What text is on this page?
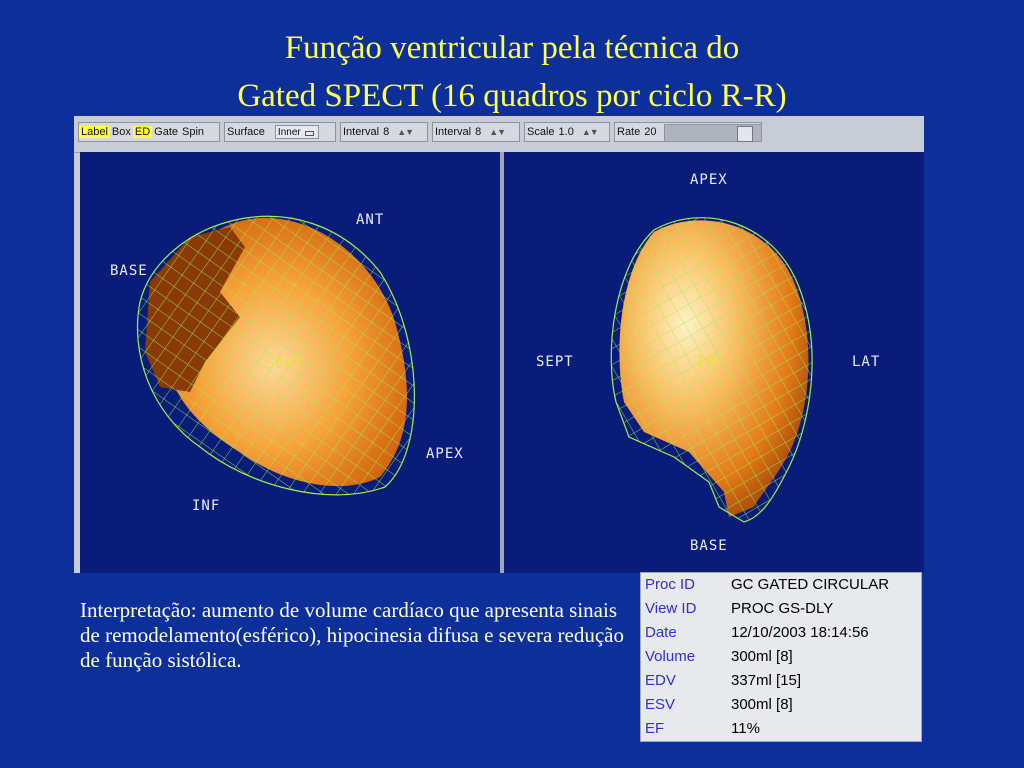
Função ventricular pela técnica do
Gated SPECT (16 quadros por ciclo R-R)
Label Box ED Gate Spin Surface	Inner	Interval 8 ▲▼ Interval 8 ▲▼ Scale 1.0 ▲▼ Rate 20
ANT
BASE
SEPT
APEX
INF
APEX
SEPT	INF	LAT
BASE
Interpretação: aumento de volume cardíaco que apresenta sinais de remodelamento(esférico), hipocinesia difusa e severa redução de função sistólica.
Proc ID GC GATED CIRCULAR
View ID PROC GS-DLY
Date	12/10/2003 18:14:56
Volume 300ml [8]
EDV	337ml [15]
ESV	300ml [8]
EF	11%
